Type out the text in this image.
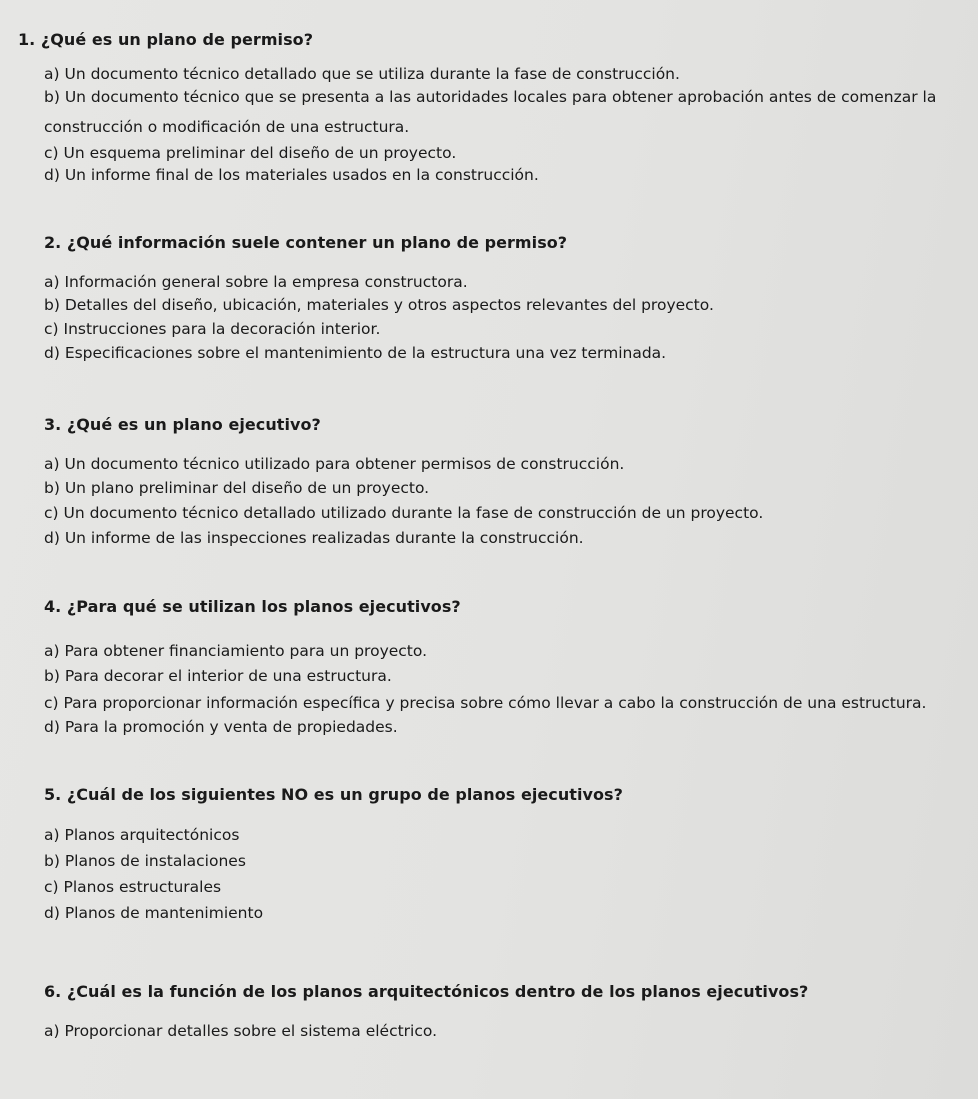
1. ¿Qué es un plano de permiso?
a) Un documento técnico detallado que se utiliza durante la fase de construcción.
b) Un documento técnico que se presenta a las autoridades locales para obtener aprobación antes de comenzar la
construcción o modificación de una estructura.
c) Un esquema preliminar del diseño de un proyecto.
d) Un informe final de los materiales usados en la construcción.
2. ¿Qué información suele contener un plano de permiso?
a) Información general sobre la empresa constructora.
b) Detalles del diseño, ubicación, materiales y otros aspectos relevantes del proyecto.
c) Instrucciones para la decoración interior.
d) Especificaciones sobre el mantenimiento de la estructura una vez terminada.
3. ¿Qué es un plano ejecutivo?
a) Un documento técnico utilizado para obtener permisos de construcción.
b) Un plano preliminar del diseño de un proyecto.
c) Un documento técnico detallado utilizado durante la fase de construcción de un proyecto.
d) Un informe de las inspecciones realizadas durante la construcción.
4. ¿Para qué se utilizan los planos ejecutivos?
a) Para obtener financiamiento para un proyecto.
b) Para decorar el interior de una estructura.
c) Para proporcionar información específica y precisa sobre cómo llevar a cabo la construcción de una estructura.
d) Para la promoción y venta de propiedades.
5. ¿Cuál de los siguientes NO es un grupo de planos ejecutivos?
a) Planos arquitectónicos
b) Planos de instalaciones
c) Planos estructurales
d) Planos de mantenimiento
6. ¿Cuál es la función de los planos arquitectónicos dentro de los planos ejecutivos?
a) Proporcionar detalles sobre el sistema eléctrico.
